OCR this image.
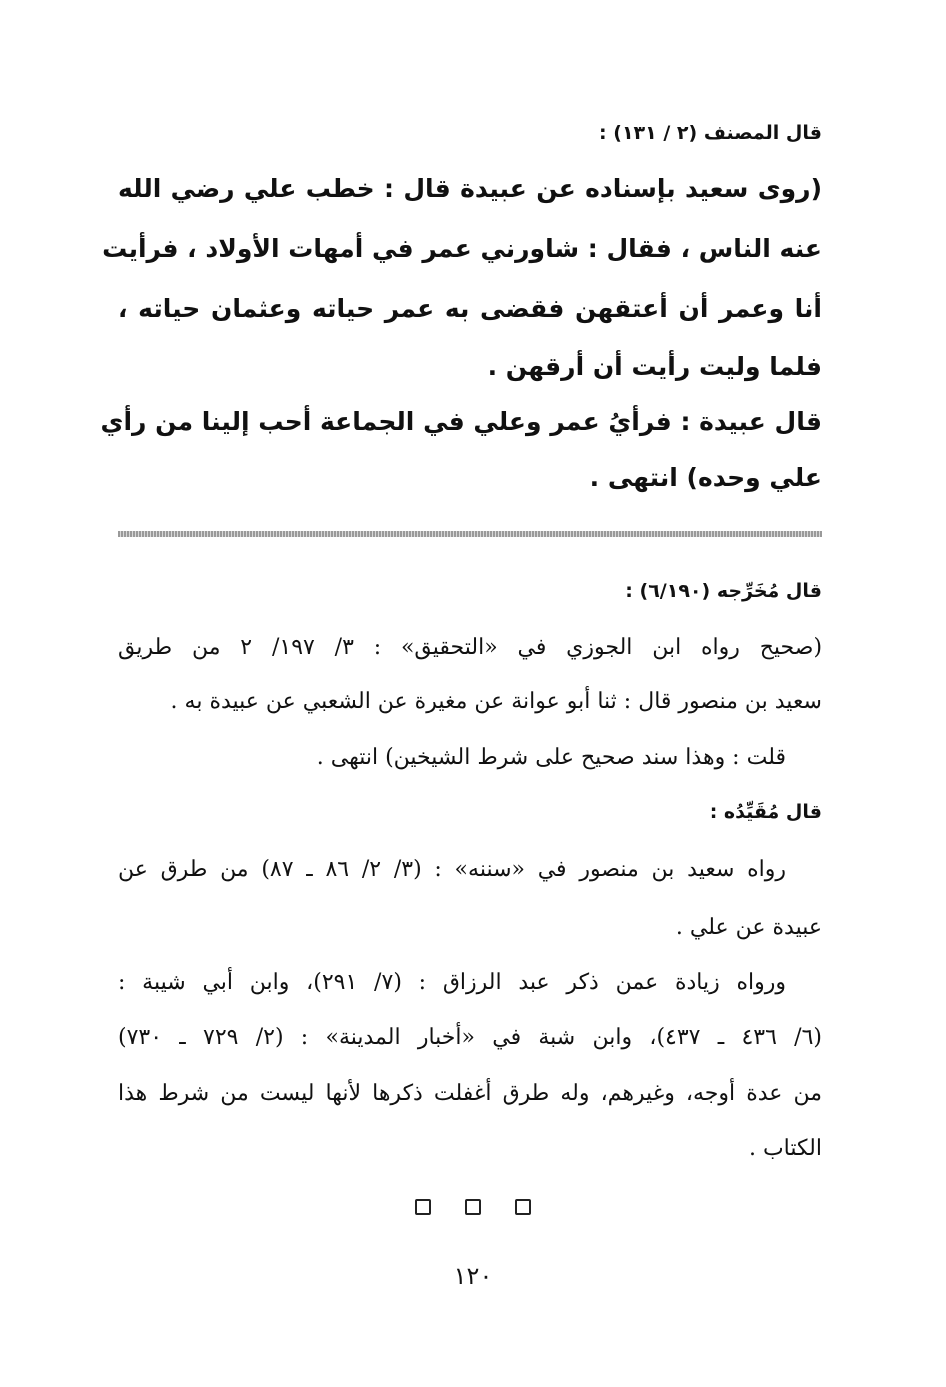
قال المصنف (٢ / ١٣١) :
(روى سعيد بإسناده عن عبيدة قال : خطب علي رضي الله
عنه الناس ، فقال : شاورني عمر في أمهات الأولاد ، فرأيت
أنا وعمر أن أعتقهن فقضى به عمر حياته وعثمان حياته ،
فلما وليت رأيت أن أرقهن .
قال عبيدة : فرأيُ عمر وعلي في الجماعة أحب إلينا من رأي
علي وحده) انتهى .
قال مُخَرِّجه (٦/١٩٠) :
(صحيح رواه ابن الجوزي في «التحقيق» : ٣/ ١٩٧/ ٢ من طريق
سعيد بن منصور قال : ثنا أبو عوانة عن مغيرة عن الشعبي عن عبيدة به .
قلت : وهذا سند صحيح على شرط الشيخين) انتهى .
قال مُقَيِّدُه :
رواه سعيد بن منصور في «سننه» : (٣/ ٢/ ٨٦ ـ ٨٧) من طرق عن
عبيدة عن علي .
ورواه زيادة عمن ذكر عبد الرزاق : (٧/ ٢٩١)، وابن أبي شيبة :
(٦/ ٤٣٦ ـ ٤٣٧)، وابن شبة في «أخبار المدينة» : (٢/ ٧٢٩ ـ ٧٣٠)
من عدة أوجه، وغيرهم، وله طرق أغفلت ذكرها لأنها ليست من شرط هذا
الكتاب .
١٢٠
